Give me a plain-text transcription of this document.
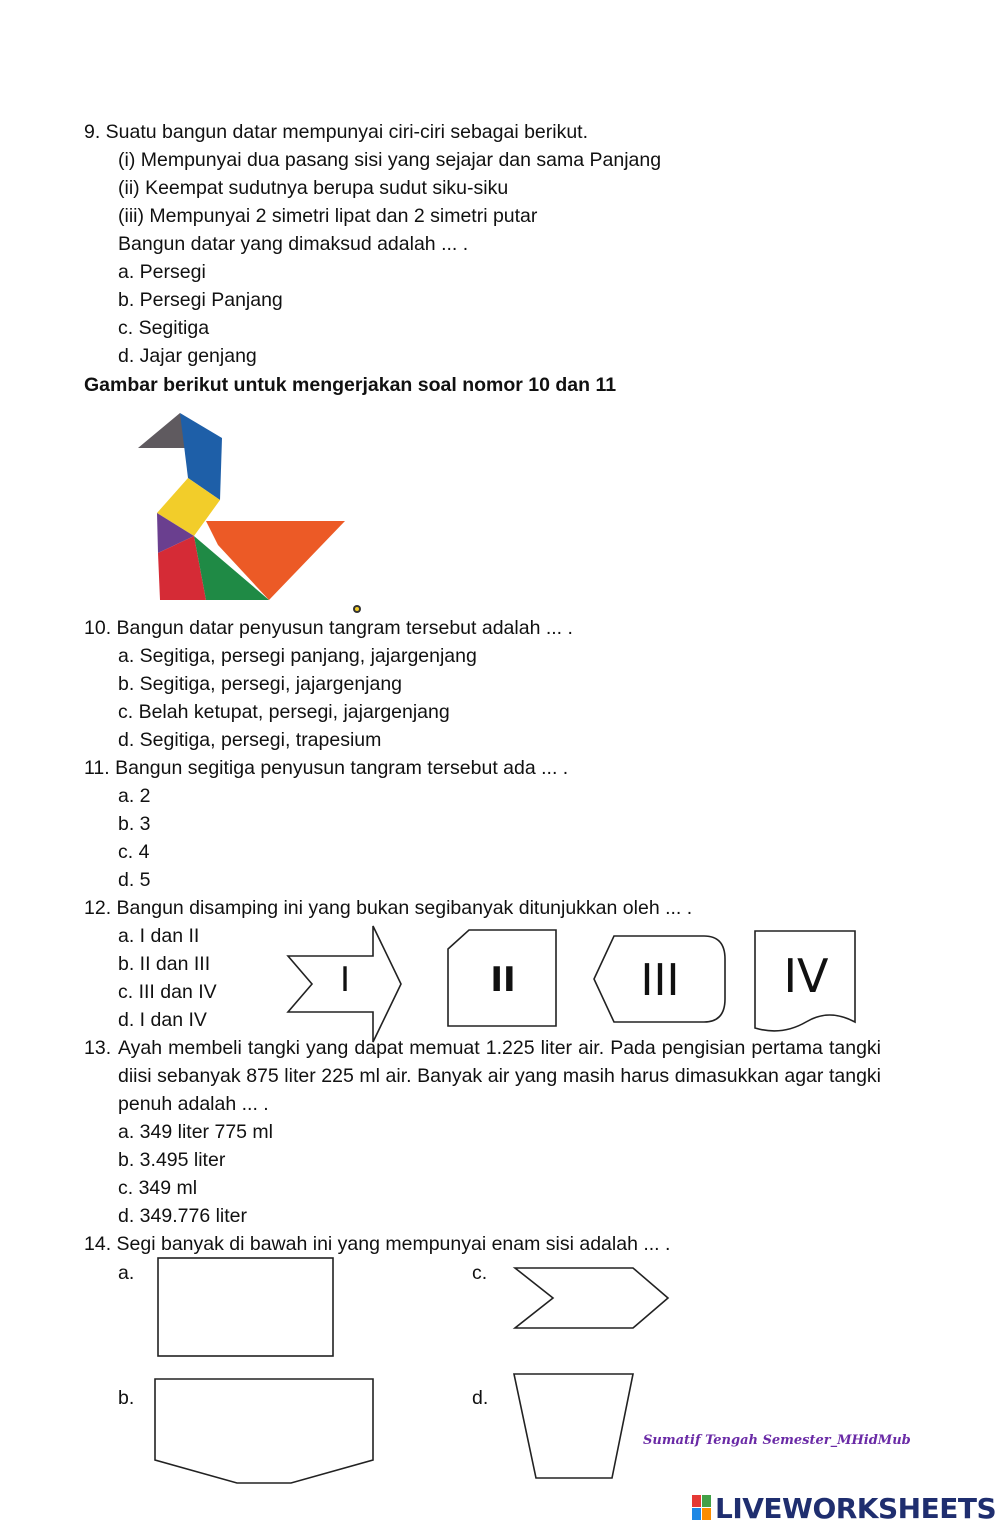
9. Suatu bangun datar mempunyai ciri-ciri sebagai berikut.
(i) Mempunyai dua pasang sisi yang sejajar dan sama Panjang
(ii) Keempat sudutnya berupa sudut siku-siku
(iii) Mempunyai 2 simetri lipat dan 2 simetri putar
Bangun datar yang dimaksud adalah ... .
a. Persegi
b. Persegi Panjang
c. Segitiga
d. Jajar genjang
Gambar berikut untuk mengerjakan soal nomor 10 dan 11
10. Bangun datar penyusun tangram tersebut adalah ... .
a. Segitiga, persegi panjang, jajargenjang
b. Segitiga, persegi, jajargenjang
c. Belah ketupat, persegi, jajargenjang
d. Segitiga, persegi, trapesium
11. Bangun segitiga penyusun tangram tersebut ada ... .
a. 2
b. 3
c. 4
d. 5
12. Bangun disamping ini yang bukan segibanyak ditunjukkan oleh ... .
a. I dan II
b. II dan III
c. III dan IV
d. I dan IV
I	II	III	IV
13. Ayah membeli tangki yang dapat memuat 1.225 liter air. Pada pengisian pertama tangki diisi sebanyak 875 liter 225 ml air. Banyak air yang masih harus dimasukkan agar tangki penuh adalah ... .
a. 349 liter 775 ml
b. 3.495 liter
c. 349 ml
d. 349.776 liter
14. Segi banyak di bawah ini yang mempunyai enam sisi adalah ... .
a.	c.
b.	d.
Sumatif Tengah Semester_MHidMub
LIVEWORKSHEETS
